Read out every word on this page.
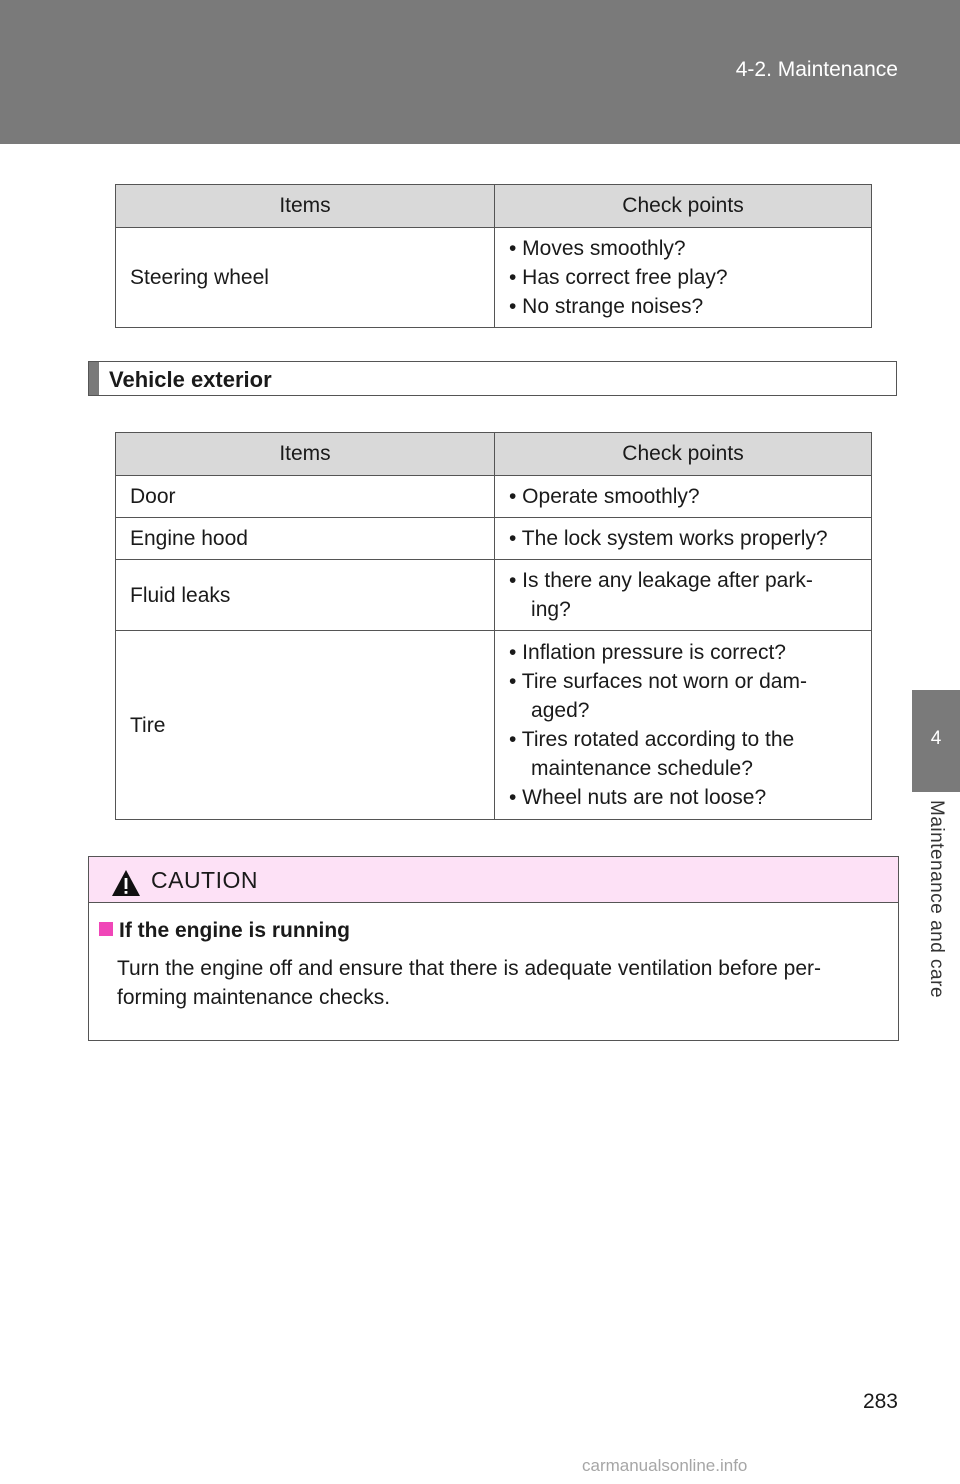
4-2. Maintenance
4
Maintenance and care
Items	Check points
Steering wheel	• Moves smoothly?
• Has correct free play?
• No strange noises?
Vehicle exterior
Items	Check points
Door	• Operate smoothly?

Engine hood	• The lock system works properly?

Fluid leaks	• Is there any leakage after park- ing?

Tire	• Inflation pressure is correct?
• Tire surfaces not worn or dam- aged?
• Tires rotated according to the maintenance schedule?
• Wheel nuts are not loose?
CAUTION
If the engine is running
Turn the engine off and ensure that there is adequate ventilation before per- forming maintenance checks.
283
carmanualsonline.info
